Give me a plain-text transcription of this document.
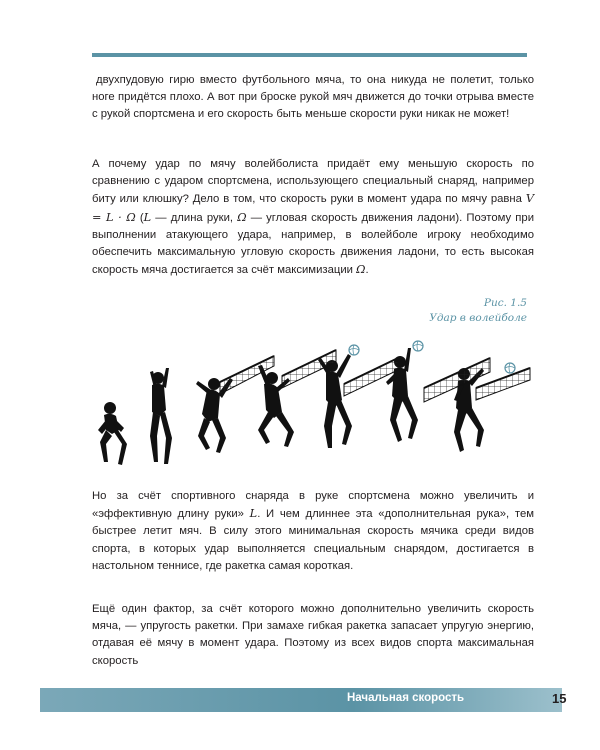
двухпудовую гирю вместо футбольного мяча, то она никуда не полетит, только ноге придётся плохо. А вот при броске рукой мяч движется до точки отрыва вместе с рукой спортсмена и его скорость быть меньше скорости руки никак не может!

А почему удар по мячу волейболиста придаёт ему меньшую скорость по сравнению с ударом спортсмена, использующего специальный снаряд, например биту или клюшку? Дело в том, что скорость руки в момент удара по мячу равна V = L · Ω (L — длина руки, Ω — угловая скорость движения ладони). Поэтому при выполнении атакующего удара, например, в волейболе игроку необходимо обеспечить максимальную угловую скорость движения ладони, то есть высокая скорость мяча достигается за счёт максимизации Ω.

Рис. 1.5
Удар в волейболе

Но за счёт спортивного снаряда в руке спортсмена можно увеличить и «эффективную длину руки» L. И чем длиннее эта «дополнительная рука», тем быстрее летит мяч. В силу этого минимальная скорость мячика среди видов спорта, в которых удар выполняется специальным снарядом, достигается в настольном теннисе, где ракетка самая короткая.

Ещё один фактор, за счёт которого можно дополнительно увеличить скорость мяча, — упругость ракетки. При замахе гибкая ракетка запасает упругую энергию, отдавая её мячу в момент удара. Поэтому из всех видов спорта максимальная скорость

Начальная скорость	15
